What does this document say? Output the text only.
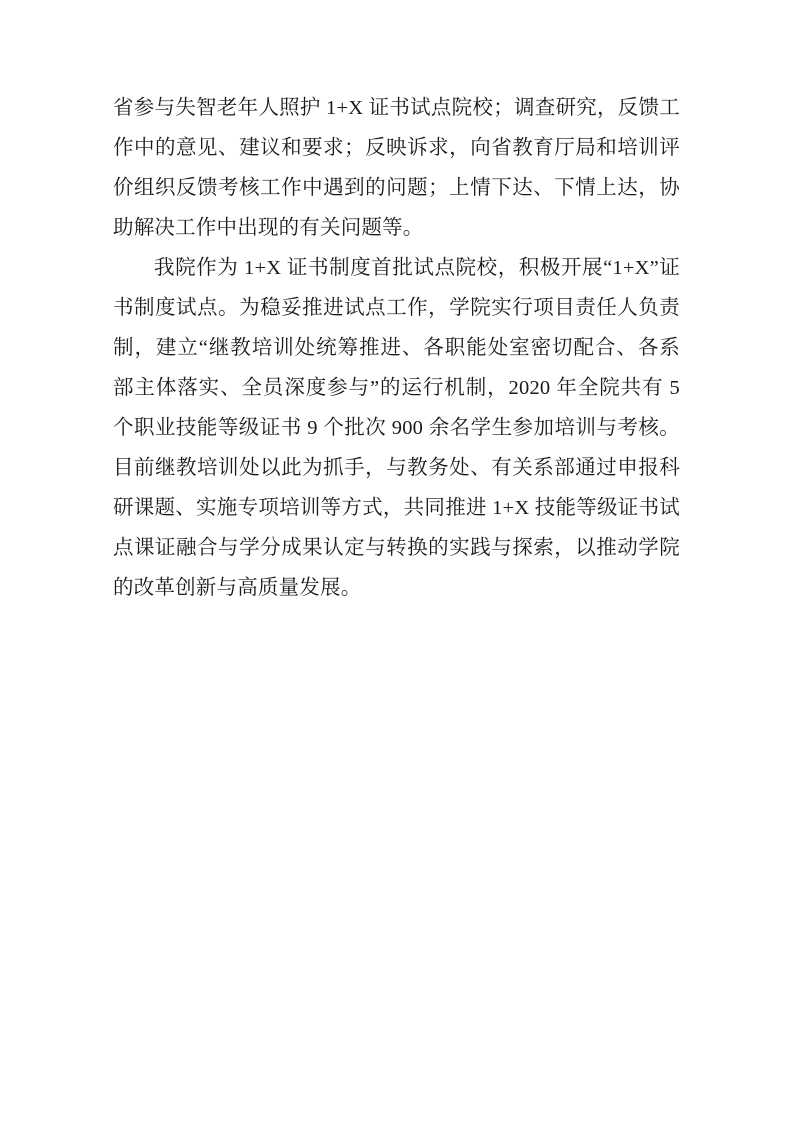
省参与失智老年人照护 1+X 证书试点院校；调查研究，反馈工作中的意见、建议和要求；反映诉求，向省教育厅局和培训评价组织反馈考核工作中遇到的问题；上情下达、下情上达，协助解决工作中出现的有关问题等。

我院作为 1+X 证书制度首批试点院校，积极开展“1+X”证书制度试点。为稳妥推进试点工作，学院实行项目责任人负责制，建立“继教培训处统筹推进、各职能处室密切配合、各系部主体落实、全员深度参与”的运行机制，2020 年全院共有 5 个职业技能等级证书 9 个批次 900 余名学生参加培训与考核。目前继教培训处以此为抓手，与教务处、有关系部通过申报科研课题、实施专项培训等方式，共同推进 1+X 技能等级证书试点课证融合与学分成果认定与转换的实践与探索，以推动学院的改革创新与高质量发展。
